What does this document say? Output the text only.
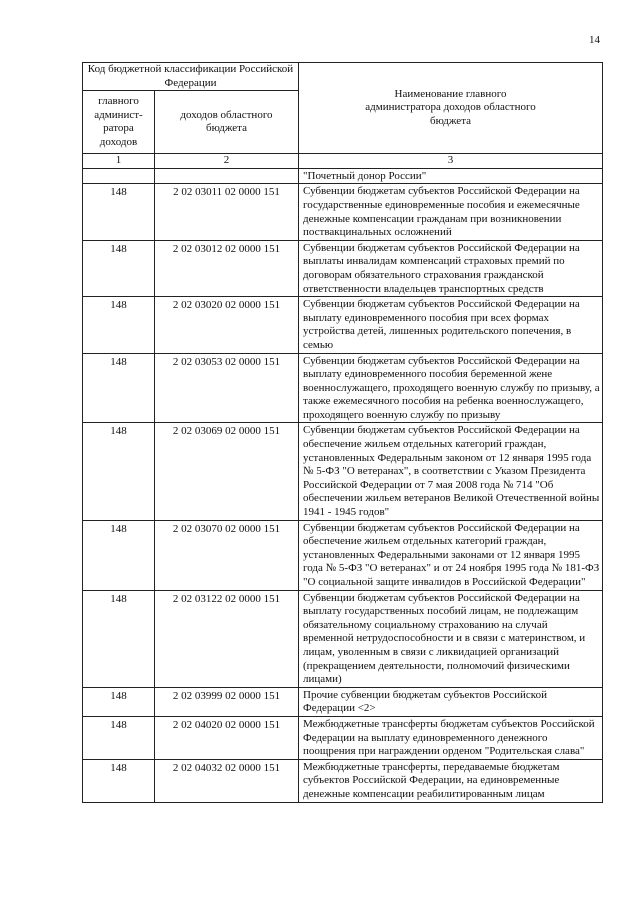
14
Код бюджетной классификации Российской Федерации		Наименование главного администратора доходов областного бюджета

главного админист-ратора доходов	доходов областного бюджета	

1	2	3
		"Почетный донор России"
148	2 02 03011 02 0000 151	Субвенции бюджетам субъектов Российской Федерации на государственные единовременные пособия и ежемесячные денежные компенсации гражданам при возникновении поствакцинальных осложнений
148	2 02 03012 02 0000 151	Субвенции бюджетам субъектов Российской Федерации на выплаты инвалидам компенсаций страховых премий по договорам обязательного страхования гражданской ответственности владельцев транспортных средств
148	2 02 03020 02 0000 151	Субвенции бюджетам субъектов Российской Федерации на выплату единовременного пособия при всех формах устройства детей, лишенных родительского попечения, в семью
148	2 02 03053 02 0000 151	Субвенции бюджетам субъектов Российской Федерации на выплату единовременного пособия беременной жене военнослужащего, проходящего военную службу по призыву, а также ежемесячного пособия на ребенка военнослужащего, проходящего военную службу по призыву
148	2 02 03069 02 0000 151	Субвенции бюджетам субъектов Российской Федерации на обеспечение жильем отдельных категорий граждан, установленных Федеральным законом от 12 января 1995 года № 5-ФЗ "О ветеранах", в соответствии с Указом Президента Российской Федерации от 7 мая 2008 года № 714 "Об обеспечении жильем ветеранов Великой Отечественной войны 1941 - 1945 годов"
148	2 02 03070 02 0000 151	Субвенции бюджетам субъектов Российской Федерации на обеспечение жильем отдельных категорий граждан, установленных Федеральными законами от 12 января 1995 года № 5-ФЗ "О ветеранах" и от 24 ноября 1995 года № 181-ФЗ "О социальной защите инвалидов в Российской Федерации"
148	2 02 03122 02 0000 151	Субвенции бюджетам субъектов Российской Федерации на выплату государственных пособий лицам, не подлежащим обязательному социальному страхованию на случай временной нетрудоспособности и в связи с материнством, и лицам, уволенным в связи с ликвидацией организаций (прекращением деятельности, полномочий физическими лицами)
148	2 02 03999 02 0000 151	Прочие субвенции бюджетам субъектов Российской Федерации <2>
148	2 02 04020 02 0000 151	Межбюджетные трансферты бюджетам субъектов Российской Федерации на выплату единовременного денежного поощрения при награждении орденом "Родительская слава"
148	2 02 04032 02 0000 151	Межбюджетные трансферты, передаваемые бюджетам субъектов Российской Федерации, на единовременные денежные компенсации реабилитированным лицам
